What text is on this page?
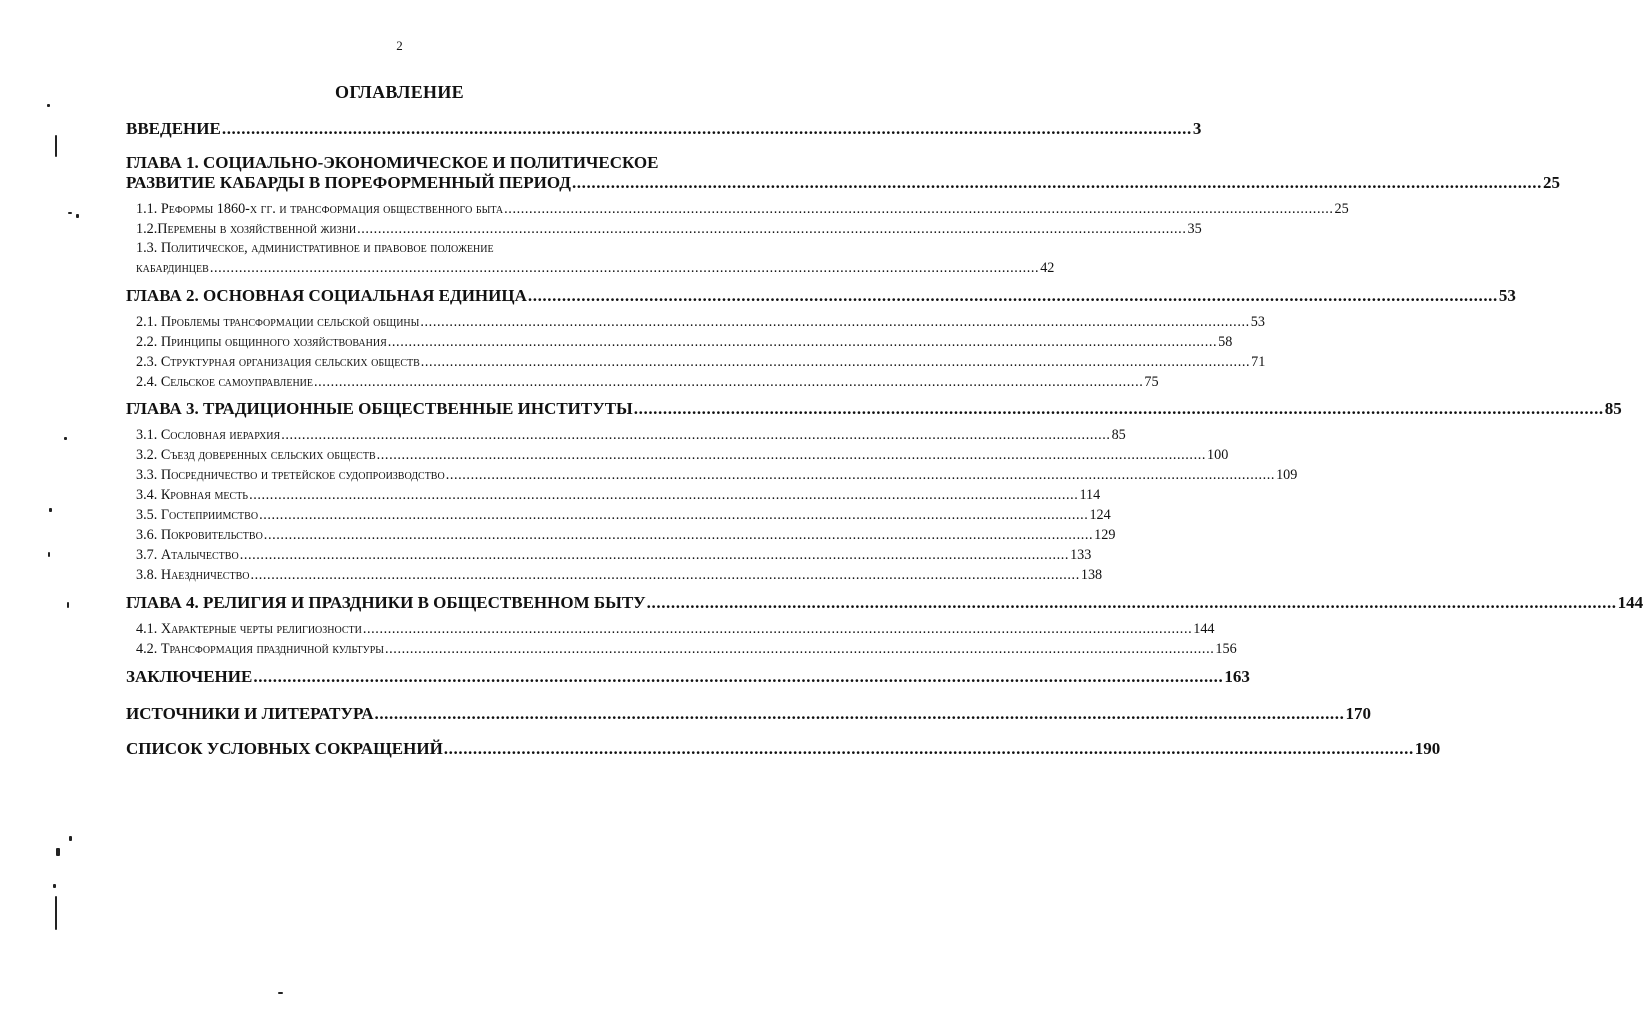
2
ОГЛАВЛЕНИЕ
ВВЕДЕНИЕ ........................................................................................................................................................................................................ 3
ГЛАВА 1. СОЦИАЛЬНО-ЭКОНОМИЧЕСКОЕ И ПОЛИТИЧЕСКОЕ
РАЗВИТИЕ КАБАРДЫ В ПОРЕФОРМЕННЫЙ ПЕРИОД ........................................................................................................................................................................................................ 25
1.1. Реформы 1860-х гг. и трансформация общественного быта ........................................................................................................................................................................................................ 25
1.2.Перемены в хозяйственной жизни ........................................................................................................................................................................................................ 35
1.3. Политическое, административное и правовое положение
кабардинцев ........................................................................................................................................................................................................ 42
ГЛАВА 2. ОСНОВНАЯ СОЦИАЛЬНАЯ ЕДИНИЦА ........................................................................................................................................................................................................ 53
2.1. Проблемы трансформации сельской общины ........................................................................................................................................................................................................ 53
2.2. Принципы общинного хозяйствования ........................................................................................................................................................................................................ 58
2.3. Структурная организация сельских обществ ........................................................................................................................................................................................................ 71
2.4. Сельское самоуправление ........................................................................................................................................................................................................ 75
ГЛАВА 3. ТРАДИЦИОННЫЕ ОБЩЕСТВЕННЫЕ ИНСТИТУТЫ ........................................................................................................................................................................................................ 85
3.1. Сословная иерархия ........................................................................................................................................................................................................ 85
3.2. Съезд доверенных сельских обществ ........................................................................................................................................................................................................ 100
3.3. Посредничество и третейское судопроизводство ........................................................................................................................................................................................................ 109
3.4. Кровная месть ........................................................................................................................................................................................................ 114
3.5. Гостеприимство ........................................................................................................................................................................................................ 124
3.6. Покровительство ........................................................................................................................................................................................................ 129
3.7. Аталычество ........................................................................................................................................................................................................ 133
3.8. Наездничество ........................................................................................................................................................................................................ 138
ГЛАВА 4. РЕЛИГИЯ И ПРАЗДНИКИ В ОБЩЕСТВЕННОМ БЫТУ ........................................................................................................................................................................................................ 144
4.1. Характерные черты религиозности ........................................................................................................................................................................................................ 144
4.2. Трансформация праздничной культуры ........................................................................................................................................................................................................ 156
ЗАКЛЮЧЕНИЕ ........................................................................................................................................................................................................ 163
ИСТОЧНИКИ И ЛИТЕРАТУРА ........................................................................................................................................................................................................ 170
СПИСОК УСЛОВНЫХ СОКРАЩЕНИЙ ........................................................................................................................................................................................................ 190
